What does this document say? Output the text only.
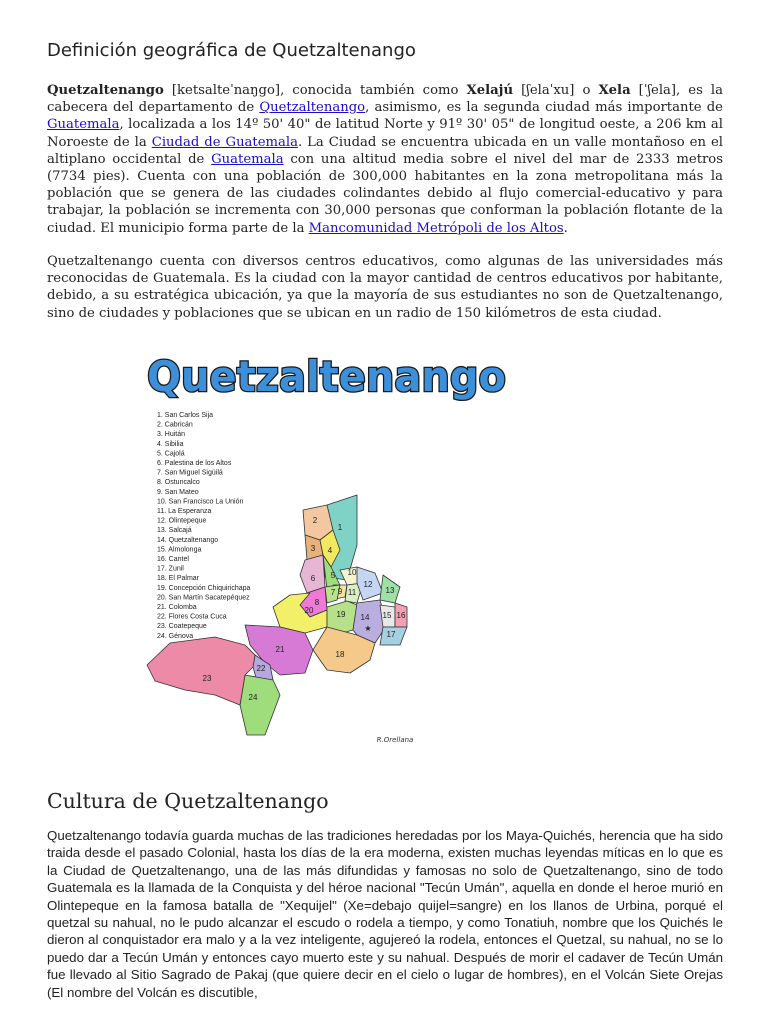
Definición geográfica de Quetzaltenango

Quetzaltenango [ketsalteˈnaŋgo], conocida también como Xelajú [ʃelaˈxu] o Xela [ˈʃela], es la cabecera del departamento de Quetzaltenango, asimismo, es la segunda ciudad más importante de Guatemala, localizada a los 14º 50' 40" de latitud Norte y 91º 30' 05" de longitud oeste, a 206 km al Noroeste de la Ciudad de Guatemala. La Ciudad se encuentra ubicada en un valle montañoso en el altiplano occidental de Guatemala con una altitud media sobre el nivel del mar de 2333 metros (7734 pies). Cuenta con una población de 300,000 habitantes en la zona metropolitana más la población que se genera de las ciudades colindantes debido al flujo comercial-educativo y para trabajar, la población se incrementa con 30,000 personas que conforman la población flotante de la ciudad. El municipio forma parte de la Mancomunidad Metrópoli de los Altos.

Quetzaltenango cuenta con diversos centros educativos, como algunas de las universidades más reconocidas de Guatemala. Es la ciudad con la mayor cantidad de centros educativos por habitante, debido, a su estratégica ubicación, ya que la mayoría de sus estudiantes no son de Quetzaltenango, sino de ciudades y poblaciones que se ubican en un radio de 150 kilómetros de esta ciudad.

Quetzaltenango
1. San Carlos Sija
2. Cabricán
3. Huitán
4. Sibilia
5. Cajolá
6. Palestina de los Altos
7. San Miguel Sigüilá
8. Ostuncalco
9. San Mateo
10. San Francisco La Unión
11. La Esperanza
12. Olintepeque
13. Salcajá
14. Quetzaltenango
15. Almolonga
16. Cantel
17. Zunil
18. El Palmar
19. Concepción Chiquirichapa
20. San Martín Sacatepéquez
21. Colomba
22. Flores Costa Cuca
23. Coatepeque
24. Génova
1
2
3 4
5
6
7
8
9
10
11
12
13
14 15 16
17
18
19
20
21
22
23
24
★
R.Orellana
Cultura de Quetzaltenango

Quetzaltenango todavía guarda muchas de las tradiciones heredadas por los Maya-Quichés, herencia que ha sido traida desde el pasado Colonial, hasta los días de la era moderna, existen muchas leyendas míticas en lo que es la Ciudad de Quetzaltenango, una de las más difundidas y famosas no solo de Quetzaltenango, sino de todo Guatemala es la llamada de la Conquista y del héroe nacional "Tecún Umán", aquella en donde el heroe murió en Olintepeque en la famosa batalla de "Xequijel" (Xe=debajo quijel=sangre) en los llanos de Urbina, porqué el quetzal su nahual, no le pudo alcanzar el escudo o rodela a tiempo, y como Tonatiuh, nombre que los Quichés le dieron al conquistador era malo y a la vez inteligente, agujereó la rodela, entonces el Quetzal, su nahual, no se lo puedo dar a Tecún Umán y entonces cayo muerto este y su nahual. Después de morir el cadaver de Tecún Umán fue llevado al Sitio Sagrado de Pakaj (que quiere decir en el cielo o lugar de hombres), en el Volcán Siete Orejas (El nombre del Volcán es discutible,
